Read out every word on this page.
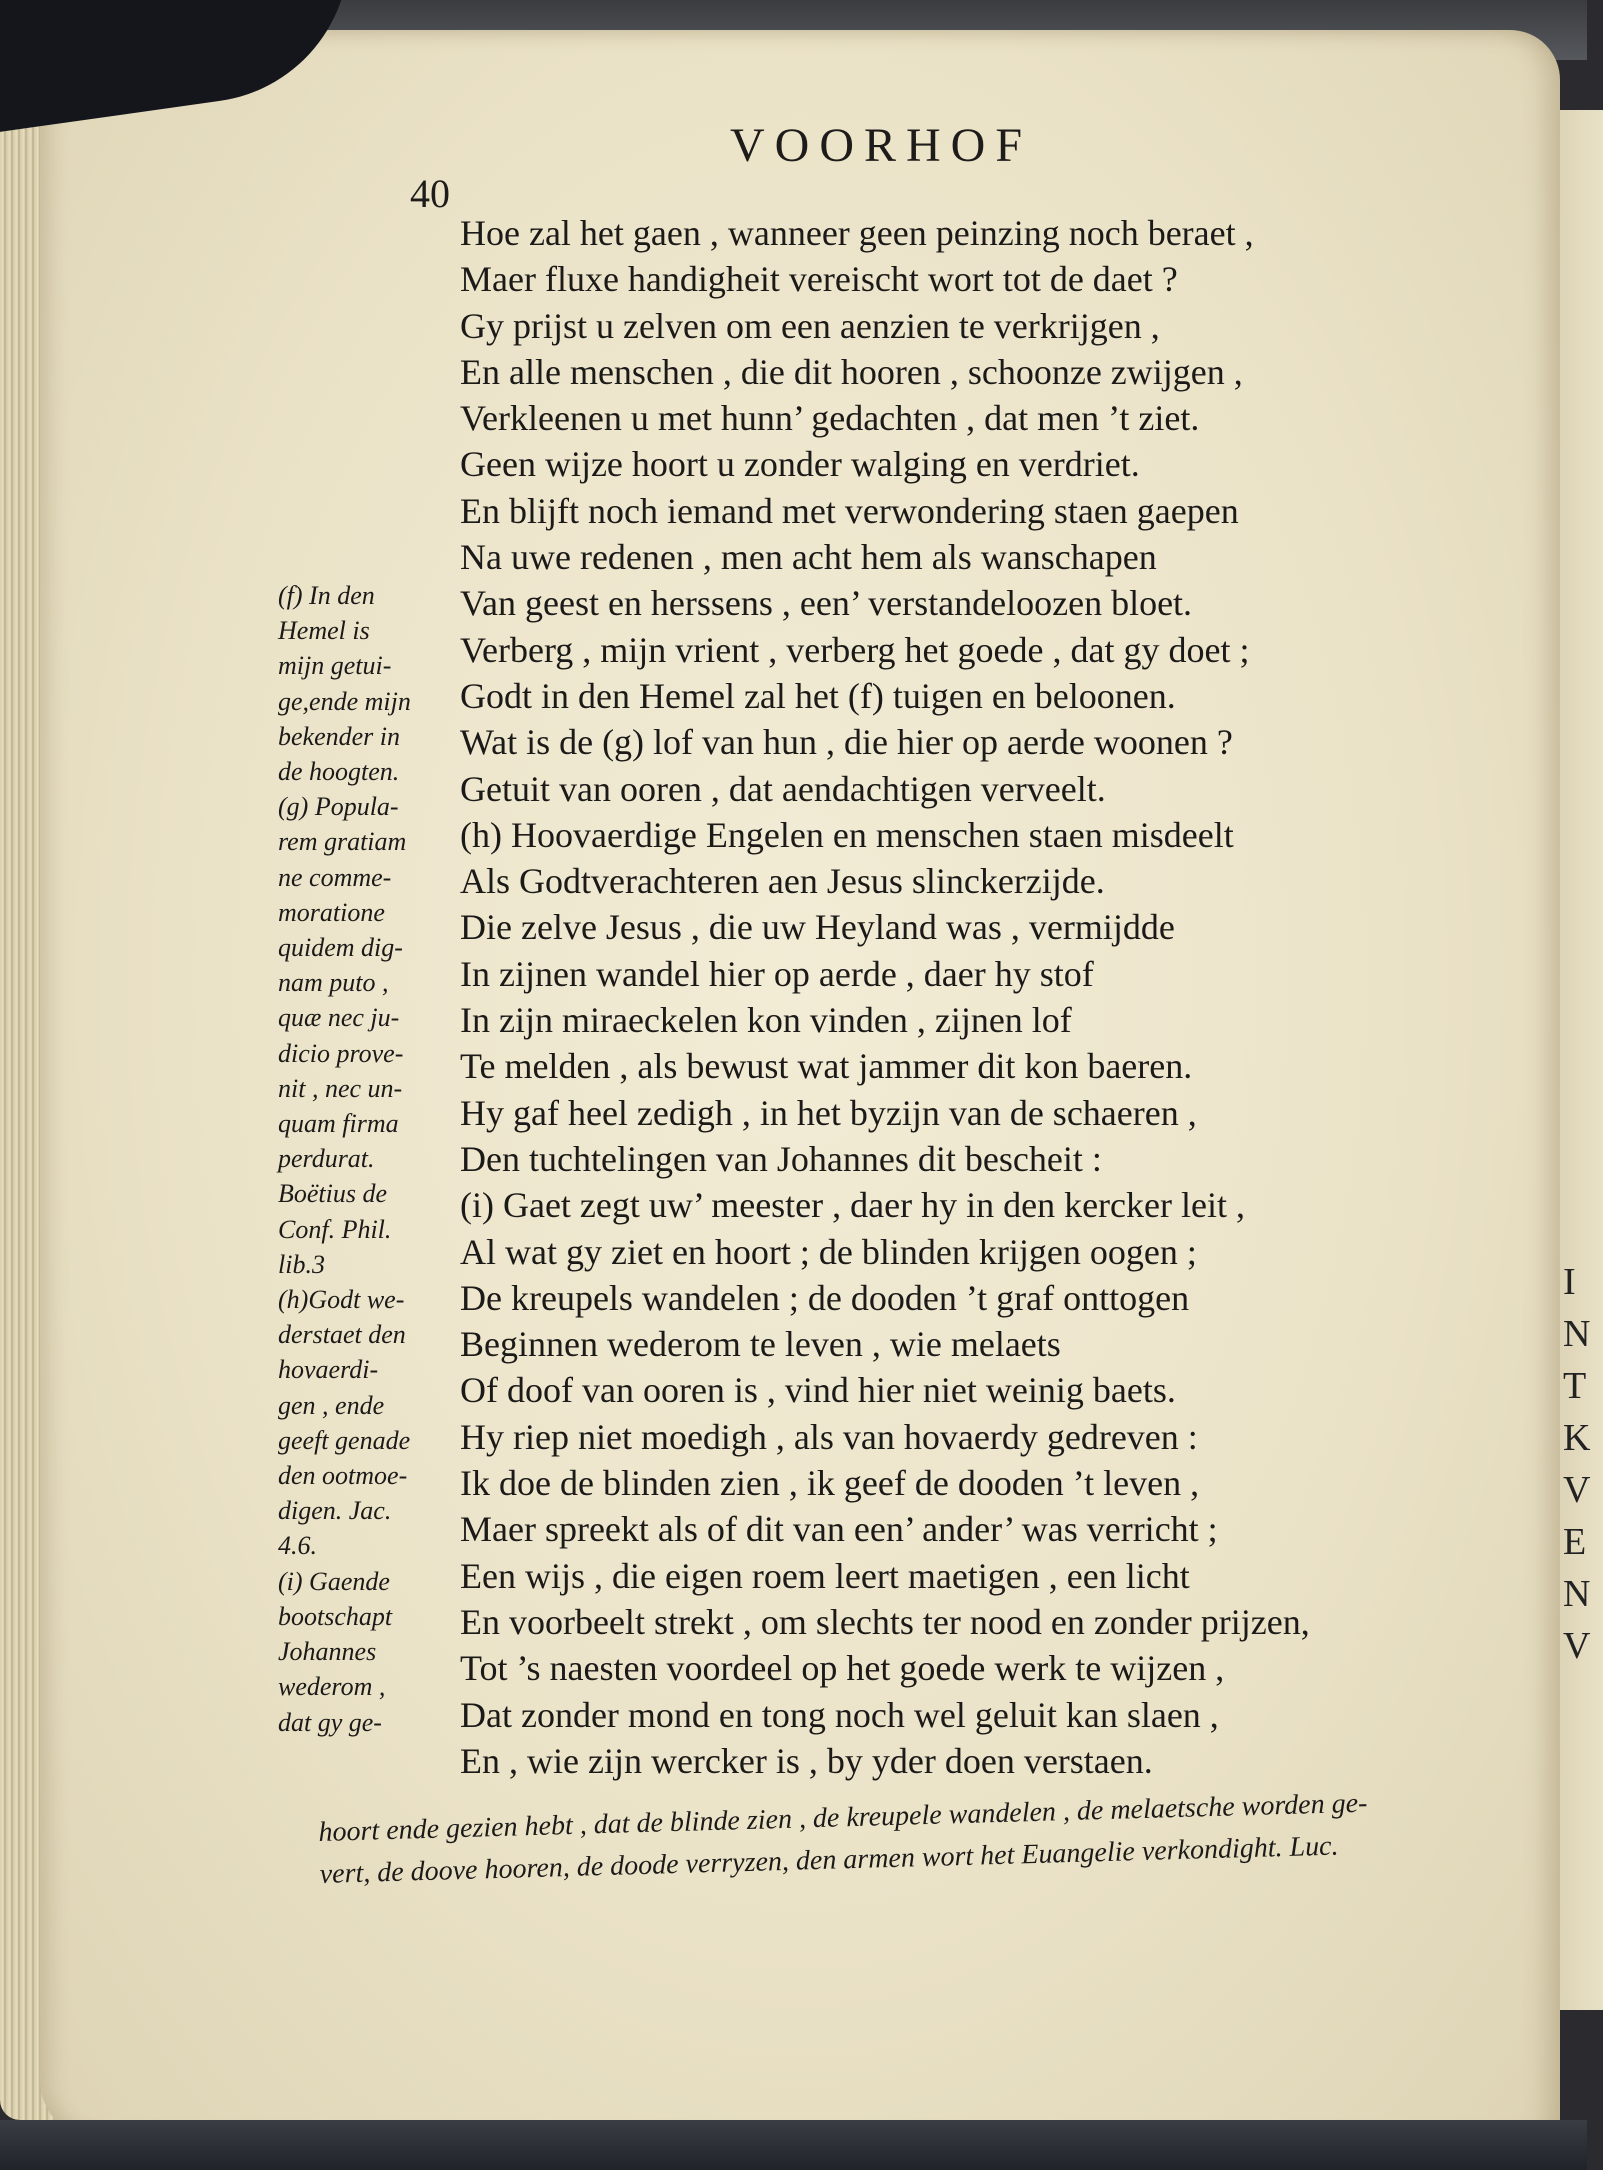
I
N
T
K
V
E
N
V
VOORHOF
40
Hoe zal het gaen , wanneer geen peinzing noch beraet ,
Maer fluxe handigheit vereischt wort tot de daet ?
Gy prijst u zelven om een aenzien te verkrijgen ,
En alle menschen , die dit hooren , schoonze zwijgen ,
Verkleenen u met hunn’ gedachten , dat men ’t ziet.
Geen wijze hoort u zonder walging en verdriet.
En blijft noch iemand met verwondering staen gaepen
Na uwe redenen , men acht hem als wanschapen
Van geest en herssens , een’ verstandeloozen bloet.
Verberg , mijn vrient , verberg het goede , dat gy doet ;
Godt in den Hemel zal het (f) tuigen en beloonen.
Wat is de (g) lof van hun , die hier op aerde woonen ?
Getuit van ooren , dat aendachtigen verveelt.
(h) Hoovaerdige Engelen en menschen staen misdeelt
Als Godtverachteren aen Jesus slinckerzijde.
Die zelve Jesus , die uw Heyland was , vermijdde
In zijnen wandel hier op aerde , daer hy stof
In zijn miraeckelen kon vinden , zijnen lof
Te melden , als bewust wat jammer dit kon baeren.
Hy gaf heel zedigh , in het byzijn van de schaeren ,
Den tuchtelingen van Johannes dit bescheit :
(i) Gaet zegt uw’ meester , daer hy in den kercker leit ,
Al wat gy ziet en hoort ; de blinden krijgen oogen ;
De kreupels wandelen ; de dooden ’t graf onttogen
Beginnen wederom te leven , wie melaets
Of doof van ooren is , vind hier niet weinig baets.
Hy riep niet moedigh , als van hovaerdy gedreven :
Ik doe de blinden zien , ik geef de dooden ’t leven ,
Maer spreekt als of dit van een’ ander’ was verricht ;
Een wijs , die eigen roem leert maetigen , een licht
En voorbeelt strekt , om slechts ter nood en zonder prijzen,
Tot ’s naesten voordeel op het goede werk te wijzen ,
Dat zonder mond en tong noch wel geluit kan slaen ,
En , wie zijn wercker is , by yder doen verstaen.
(f) In den
Hemel is
mijn getui-
ge,ende mijn
bekender in
de hoogten.
(g) Popula-
rem gratiam
ne comme-
moratione
quidem dig-
nam puto ,
quæ nec ju-
dicio prove-
nit , nec un-
quam firma
perdurat.
Boëtius de
Conf. Phil.
lib.3
(h)Godt we-
derstaet den
hovaerdi-
gen , ende
geeft genade
den ootmoe-
digen. Jac.
4.6.
(i) Gaende
bootschapt
Johannes
wederom ,
dat gy ge-
hoort ende gezien hebt , dat de blinde zien , de kreupele wandelen , de melaetsche worden ge-
vert, de doove hooren, de doode verryzen, den armen wort het Euangelie verkondight. Luc.
